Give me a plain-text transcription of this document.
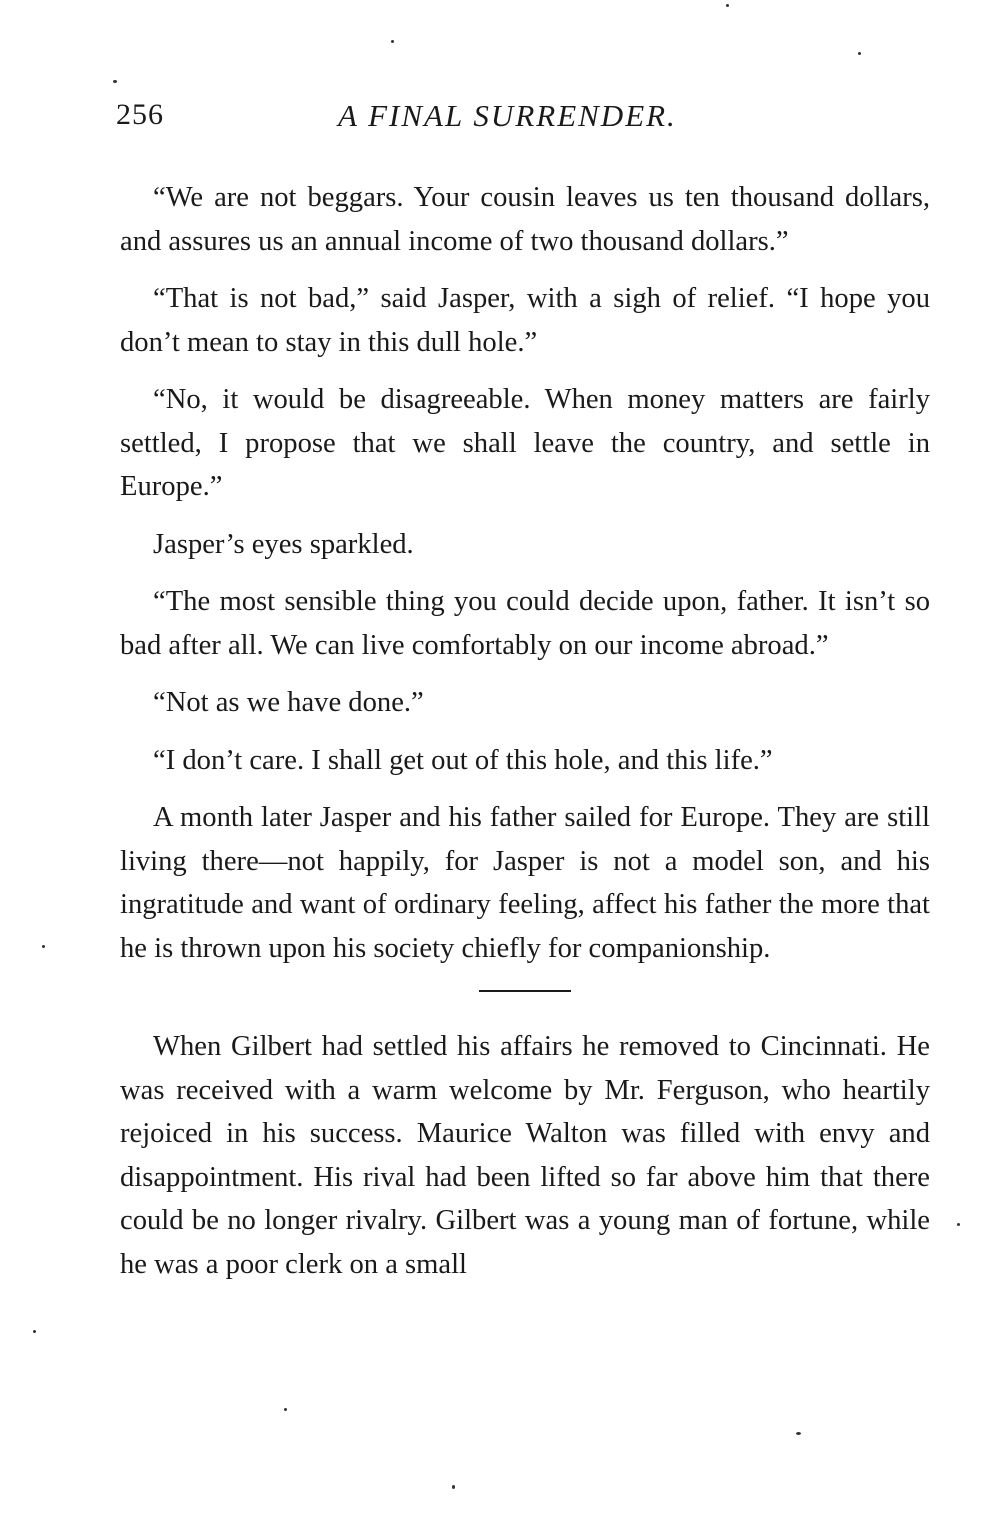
256	A FINAL SURRENDER.

“We are not beggars. Your cousin leaves us ten thousand dollars, and assures us an annual income of two thousand dollars.”

“That is not bad,” said Jasper, with a sigh of relief. “I hope you don’t mean to stay in this dull hole.”

“No, it would be disagreeable. When money matters are fairly settled, I propose that we shall leave the country, and settle in Europe.”

Jasper’s eyes sparkled.

“The most sensible thing you could decide upon, father. It isn’t so bad after all. We can live comfortably on our income abroad.”

“Not as we have done.”

“I don’t care. I shall get out of this hole, and this life.”

A month later Jasper and his father sailed for Europe. They are still living there—not happily, for Jasper is not a model son, and his ingratitude and want of ordinary feeling, affect his father the more that he is thrown upon his society chiefly for companionship.

When Gilbert had settled his affairs he removed to Cincinnati. He was received with a warm welcome by Mr. Ferguson, who heartily rejoiced in his success. Maurice Walton was filled with envy and disappointment. His rival had been lifted so far above him that there could be no longer rivalry. Gilbert was a young man of fortune, while he was a poor clerk on a small
